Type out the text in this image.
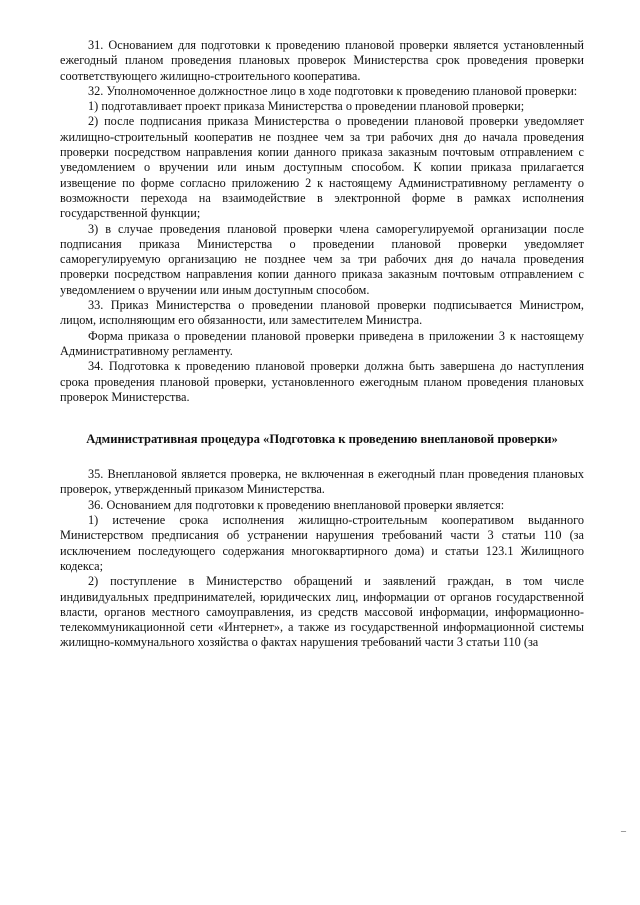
31. Основанием для подготовки к проведению плановой проверки является установленный ежегодный планом проведения плановых проверок Министерства срок проведения проверки соответствующего жилищно-строительного кооператива.

32. Уполномоченное должностное лицо в ходе подготовки к проведению плановой проверки:

1) подготавливает проект приказа Министерства о проведении плановой проверки;

2) после подписания приказа Министерства о проведении плановой проверки уведомляет жилищно-строительный кооператив не позднее чем за три рабочих дня до начала проведения проверки посредством направления копии данного приказа заказным почтовым отправлением с уведомлением о вручении или иным доступным способом. К копии приказа прилагается извещение по форме согласно приложению 2 к настоящему Административному регламенту о возможности перехода на взаимодействие в электронной форме в рамках исполнения государственной функции;

3) в случае проведения плановой проверки члена саморегулируемой организации после подписания приказа Министерства о проведении плановой проверки уведомляет саморегулируемую организацию не позднее чем за три рабочих дня до начала проведения проверки посредством направления копии данного приказа заказным почтовым отправлением с уведомлением о вручении или иным доступным способом.

33. Приказ Министерства о проведении плановой проверки подписывается Министром, лицом, исполняющим его обязанности, или заместителем Министра.

Форма приказа о проведении плановой проверки приведена в приложении 3 к настоящему Административному регламенту.

34. Подготовка к проведению плановой проверки должна быть завершена до наступления срока проведения плановой проверки, установленного ежегодным планом проведения плановых проверок Министерства.

Административная процедура «Подготовка к проведению внеплановой проверки»

35. Внеплановой является проверка, не включенная в ежегодный план проведения плановых проверок, утвержденный приказом Министерства.

36. Основанием для подготовки к проведению внеплановой проверки является:

1) истечение срока исполнения жилищно-строительным кооперативом выданного Министерством предписания об устранении нарушения требований части 3 статьи 110 (за исключением последующего содержания многоквартирного дома) и статьи 123.1 Жилищного кодекса;

2) поступление в Министерство обращений и заявлений граждан, в том числе индивидуальных предпринимателей, юридических лиц, информации от органов государственной власти, органов местного самоуправления, из средств массовой информации, информационно-телекоммуникационной сети «Интернет», а также из государственной информационной системы жилищно-коммунального хозяйства о фактах нарушения требований части 3 статьи 110 (за

–
